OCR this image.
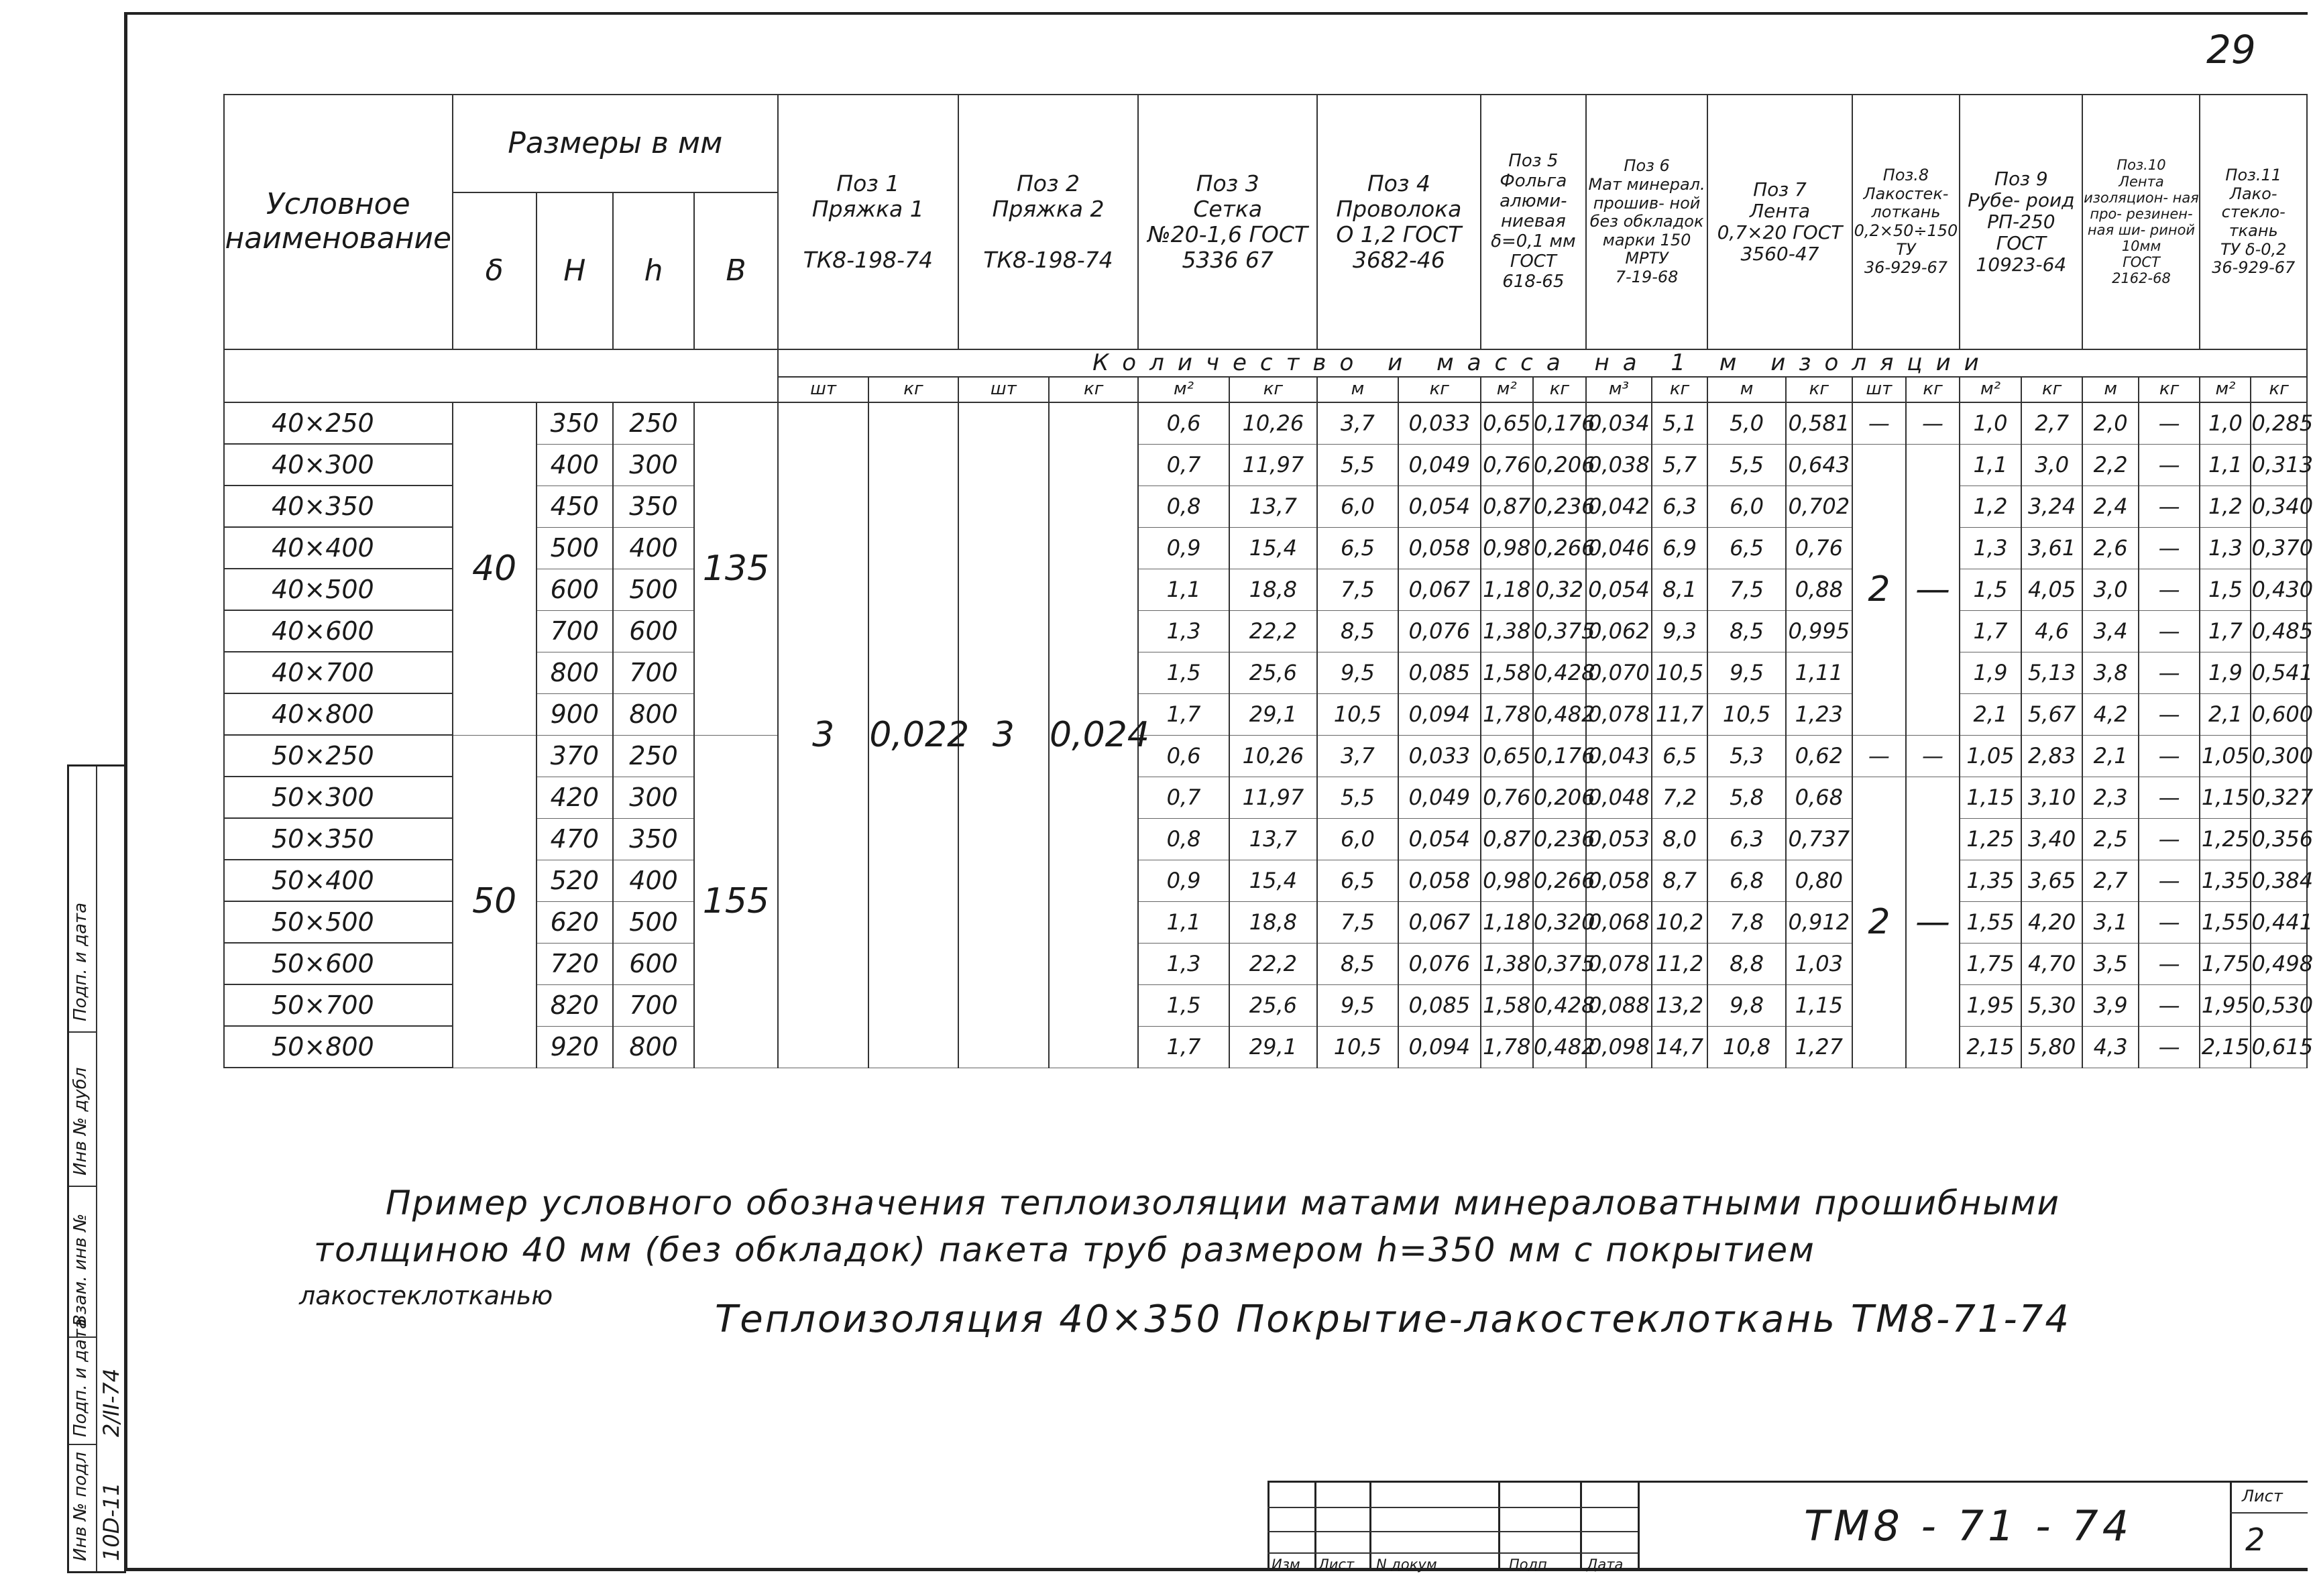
29
Условное наименование	Размеры в мм				Поз 1
Пряжка 1

ТК8-198-74		Поз 2
Пряжка 2

ТК8-198-74		Поз 3
Сетка
№20-1,6 ГОСТ
5336 67		Поз 4
Проволока
О 1,2 ГОСТ
3682-46		Поз 5
Фольга алюми- ниевая
δ=0,1 мм ГОСТ
618-65		Поз 6
Мат минерал. прошив- ной без обкладок
марки 150 МРТУ
7-19-68		Поз 7
Лента
0,7×20 ГОСТ
3560-47		Поз.8
Лакостек- лоткань
0,2×50÷150 ТУ
36-929-67		Поз 9
Рубе- роид
РП-250 ГОСТ
10923-64		Поз.10
Лента изоляцион- ная про- резинен- ная ши- риной 10мм
ГОСТ
2162-68		Поз.11
Лако- стекло- ткань
ТУ δ-0,2
36-929-67	
	δ	H	h	B																						
					Количество и масса на 1 м изоляции																					
					шт	кг	шт	кг	м²	кг	м	кг	м²	кг	м³	кг	м	кг	шт	кг	м²	кг	м	кг	м²	кг
40×250	40	350	250	135	3	0,022	3	0,024	0,6	10,26	3,7	0,033	0,65	0,176	0,034	5,1	5,0	0,581	—	—	1,0	2,7	2,0	—	1,0	0,285
40×300		400	300						0,7	11,97	5,5	0,049	0,76	0,206	0,038	5,7	5,5	0,643	2	—	1,1	3,0	2,2	—	1,1	0,313
40×350		450	350						0,8	13,7	6,0	0,054	0,87	0,236	0,042	6,3	6,0	0,702			1,2	3,24	2,4	—	1,2	0,340
40×400		500	400						0,9	15,4	6,5	0,058	0,98	0,266	0,046	6,9	6,5	0,76			1,3	3,61	2,6	—	1,3	0,370
40×500		600	500						1,1	18,8	7,5	0,067	1,18	0,32	0,054	8,1	7,5	0,88			1,5	4,05	3,0	—	1,5	0,430
40×600		700	600						1,3	22,2	8,5	0,076	1,38	0,375	0,062	9,3	8,5	0,995			1,7	4,6	3,4	—	1,7	0,485
40×700		800	700						1,5	25,6	9,5	0,085	1,58	0,428	0,070	10,5	9,5	1,11			1,9	5,13	3,8	—	1,9	0,541
40×800		900	800						1,7	29,1	10,5	0,094	1,78	0,482	0,078	11,7	10,5	1,23			2,1	5,67	4,2	—	2,1	0,600
50×250	50	370	250	155					0,6	10,26	3,7	0,033	0,65	0,176	0,043	6,5	5,3	0,62	—	—	1,05	2,83	2,1	—	1,05	0,300
50×300		420	300						0,7	11,97	5,5	0,049	0,76	0,206	0,048	7,2	5,8	0,68	2	—	1,15	3,10	2,3	—	1,15	0,327
50×350		470	350						0,8	13,7	6,0	0,054	0,87	0,236	0,053	8,0	6,3	0,737			1,25	3,40	2,5	—	1,25	0,356
50×400		520	400						0,9	15,4	6,5	0,058	0,98	0,266	0,058	8,7	6,8	0,80			1,35	3,65	2,7	—	1,35	0,384
50×500		620	500						1,1	18,8	7,5	0,067	1,18	0,320	0,068	10,2	7,8	0,912			1,55	4,20	3,1	—	1,55	0,441
50×600		720	600						1,3	22,2	8,5	0,076	1,38	0,375	0,078	11,2	8,8	1,03			1,75	4,70	3,5	—	1,75	0,498
50×700		820	700						1,5	25,6	9,5	0,085	1,58	0,428	0,088	13,2	9,8	1,15			1,95	5,30	3,9	—	1,95	0,530
50×800		920	800						1,7	29,1	10,5	0,094	1,78	0,482	0,098	14,7	10,8	1,27			2,15	5,80	4,3	—	2,15	0,615
Пример условного обозначения теплоизоляции матами минераловатными прошибными
толщиною 40 мм (без обкладок) пакета труб размером h=350 мм с покрытием
лакостеклотканью
Теплоизоляция 40×350 Покрытие-лакостеклоткань ТМ8-71-74
Изм Лист N докум	Подп	Дата
ТМ8 - 71 - 74
Лист
2
Инв № подл
Подп. и дата
Взам. инв №
Инв № дубл
Подп. и дата
10D-11
2/II-74
